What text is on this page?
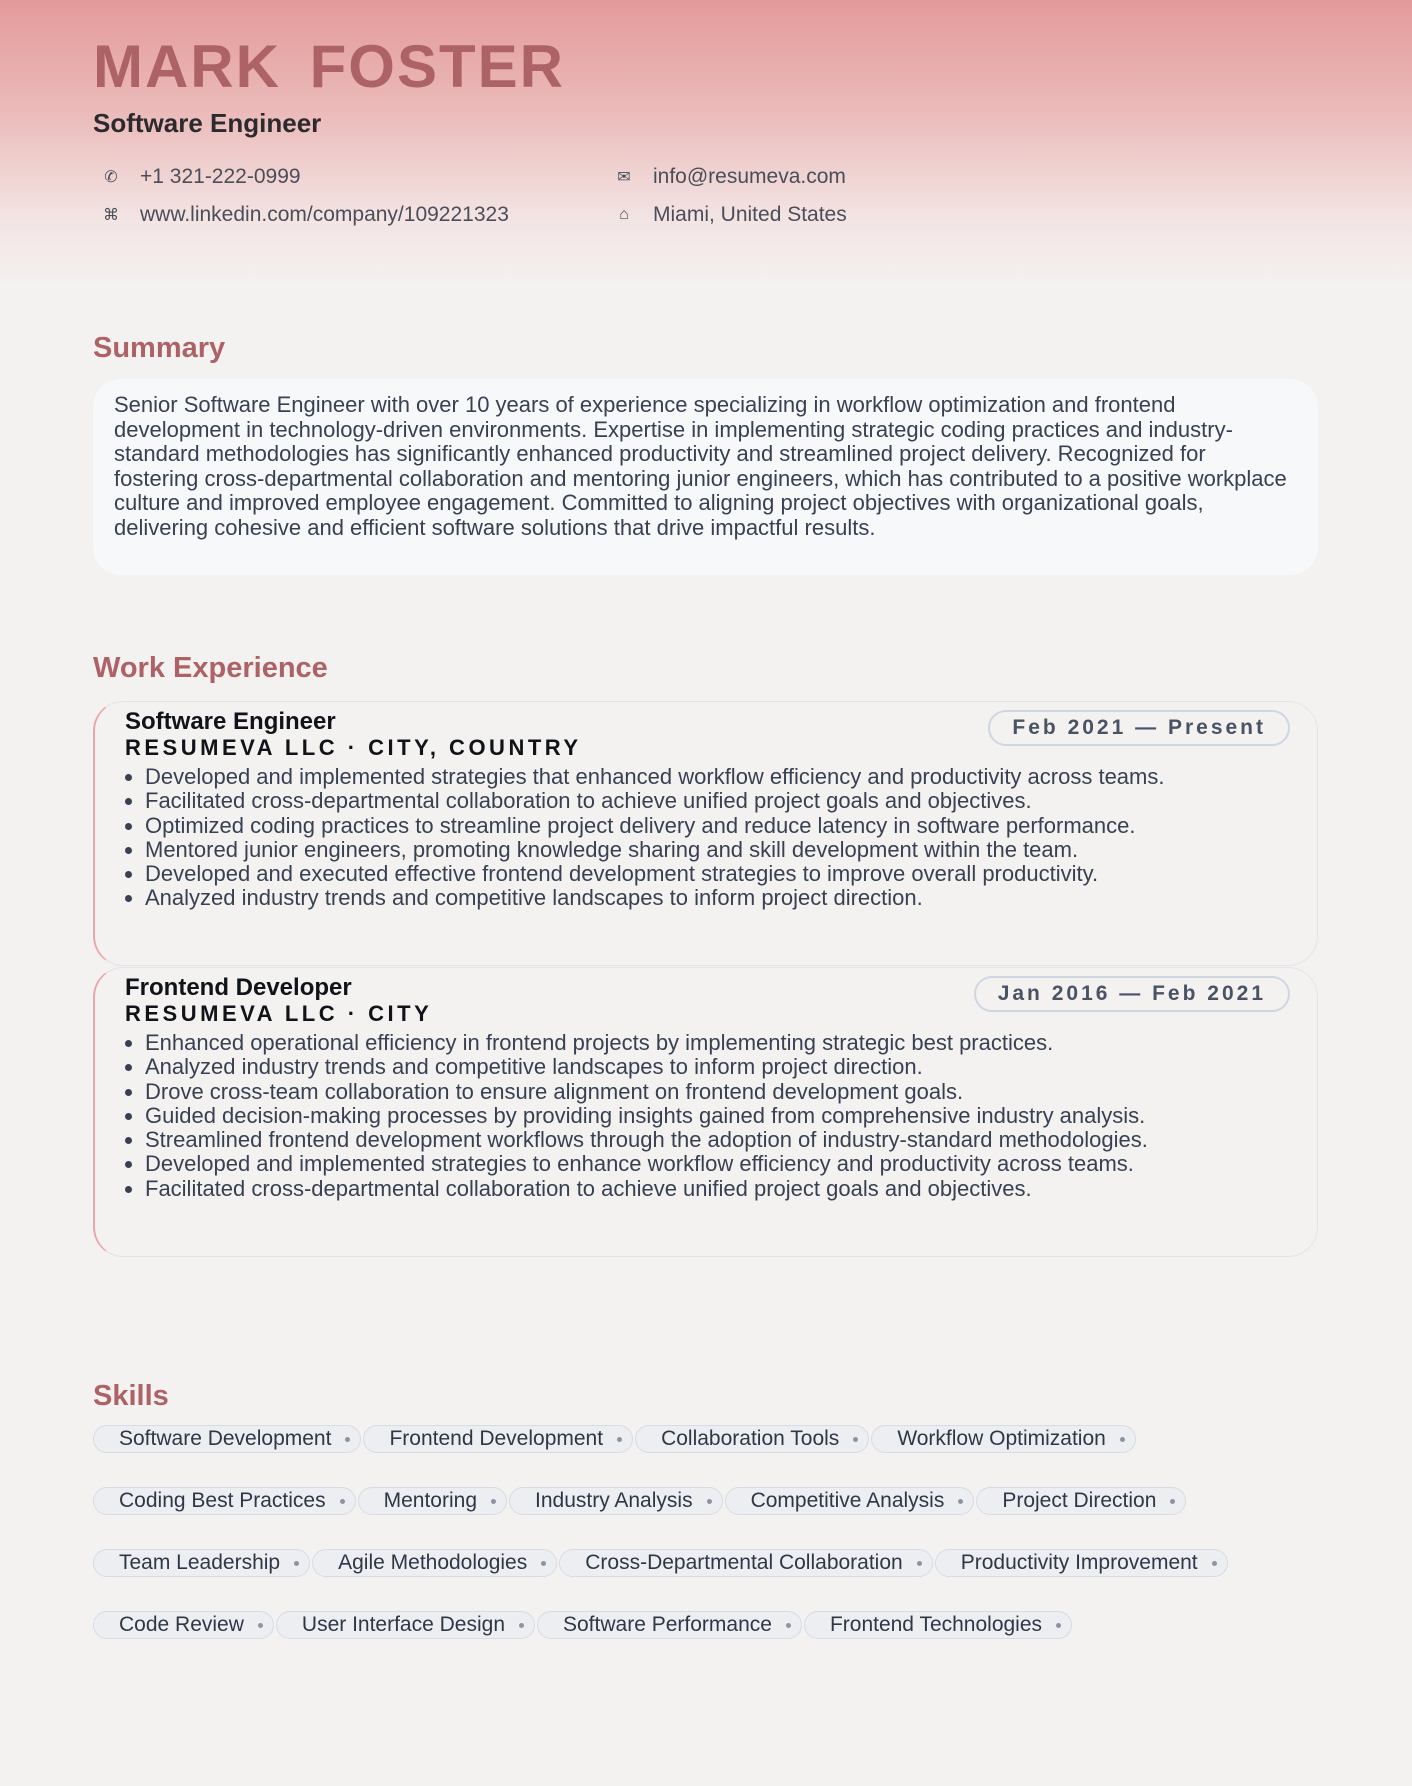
MARK FOSTER
Software Engineer
✆	+1 321-222-0999	✉	info@resumeva.com
⌘	www.linkedin.com/company/109221323	⌂	Miami, United States
Summary

Senior Software Engineer with over 10 years of experience specializing in workflow optimization and frontend development in technology-driven environments. Expertise in implementing strategic coding practices and industry-standard methodologies has significantly enhanced productivity and streamlined project delivery. Recognized for fostering cross-departmental collaboration and mentoring junior engineers, which has contributed to a positive workplace culture and improved employee engagement. Committed to aligning project objectives with organizational goals, delivering cohesive and efficient software solutions that drive impactful results.

Work Experience

Software Engineer

RESUMEVA LLC · CITY, COUNTRY

Feb 2021 — Present
• Developed and implemented strategies that enhanced workflow efficiency and productivity across teams.
• Facilitated cross-departmental collaboration to achieve unified project goals and objectives.
• Optimized coding practices to streamline project delivery and reduce latency in software performance.
• Mentored junior engineers, promoting knowledge sharing and skill development within the team.
• Developed and executed effective frontend development strategies to improve overall productivity.
• Analyzed industry trends and competitive landscapes to inform project direction.

Frontend Developer

RESUMEVA LLC · CITY

Jan 2016 — Feb 2021
• Enhanced operational efficiency in frontend projects by implementing strategic best practices.
• Analyzed industry trends and competitive landscapes to inform project direction.
• Drove cross-team collaboration to ensure alignment on frontend development goals.
• Guided decision-making processes by providing insights gained from comprehensive industry analysis.
• Streamlined frontend development workflows through the adoption of industry-standard methodologies.
• Developed and implemented strategies to enhance workflow efficiency and productivity across teams.
• Facilitated cross-departmental collaboration to achieve unified project goals and objectives.
Skills
Software Development	Frontend Development	Collaboration Tools	Workflow Optimization
Coding Best Practices	Mentoring	Industry Analysis	Competitive Analysis	Project Direction
Team Leadership	Agile Methodologies	Cross-Departmental Collaboration	Productivity Improvement
Code Review	User Interface Design	Software Performance	Frontend Technologies
